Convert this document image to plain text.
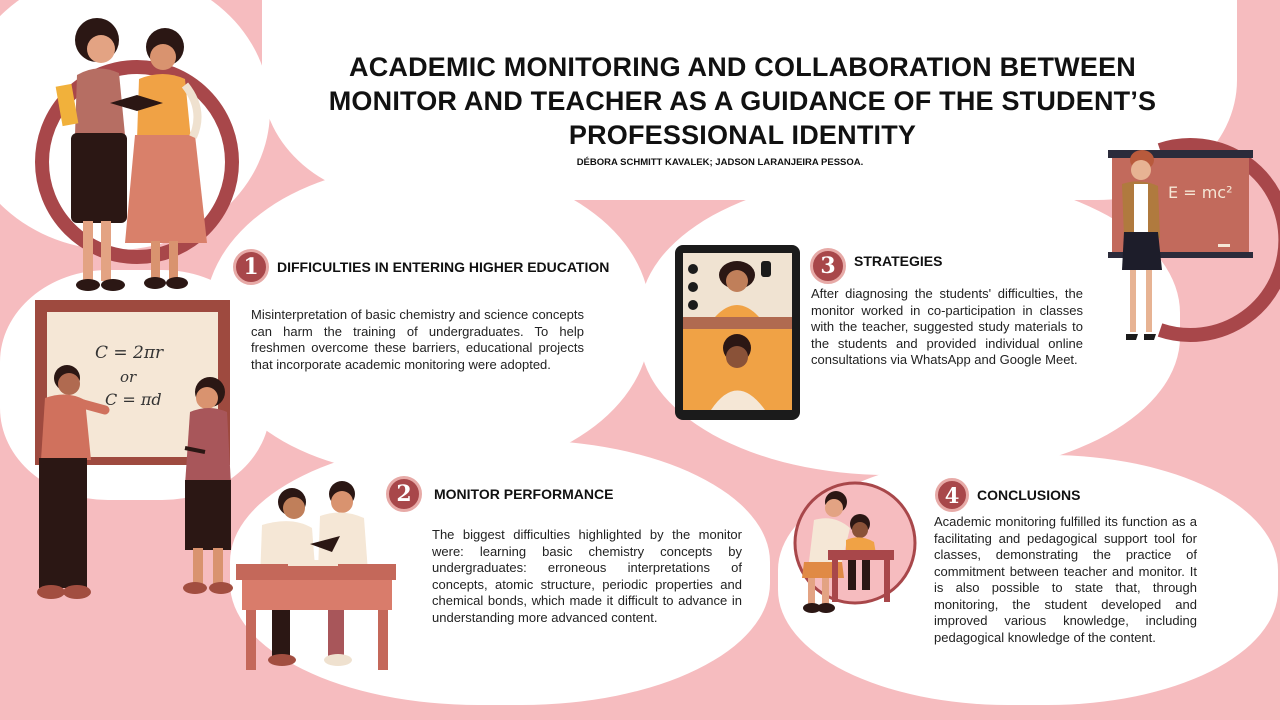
ACADEMIC MONITORING AND COLLABORATION BETWEEN MONITOR AND TEACHER AS A GUIDANCE OF THE STUDENT’S PROFESSIONAL IDENTITY
DÉBORA SCHMITT KAVALEK; JADSON LARANJEIRA PESSOA.
C = 2πr
or
C = πd
E = mc²
1	DIFFICULTIES IN ENTERING HIGHER EDUCATION
Misinterpretation of basic chemistry and science concepts can harm the training of undergraduates. To help freshmen overcome these barriers, educational projects that incorporate academic monitoring were adopted.
2	MONITOR PERFORMANCE
The biggest difficulties highlighted by the monitor were: learning basic chemistry concepts by undergraduates: erroneous interpretations of concepts, atomic structure, periodic properties and chemical bonds, which made it difficult to advance in understanding more advanced content.
3	STRATEGIES
After diagnosing the students' difficulties, the monitor worked in co-participation in classes with the teacher, suggested study materials to the students and provided individual online consultations via WhatsApp and Google Meet.
4	CONCLUSIONS
Academic monitoring fulfilled its function as a facilitating and pedagogical support tool for classes, demonstrating the practice of commitment between teacher and monitor. It is also possible to state that, through monitoring, the student developed and improved various knowledge, including pedagogical knowledge of the content.
